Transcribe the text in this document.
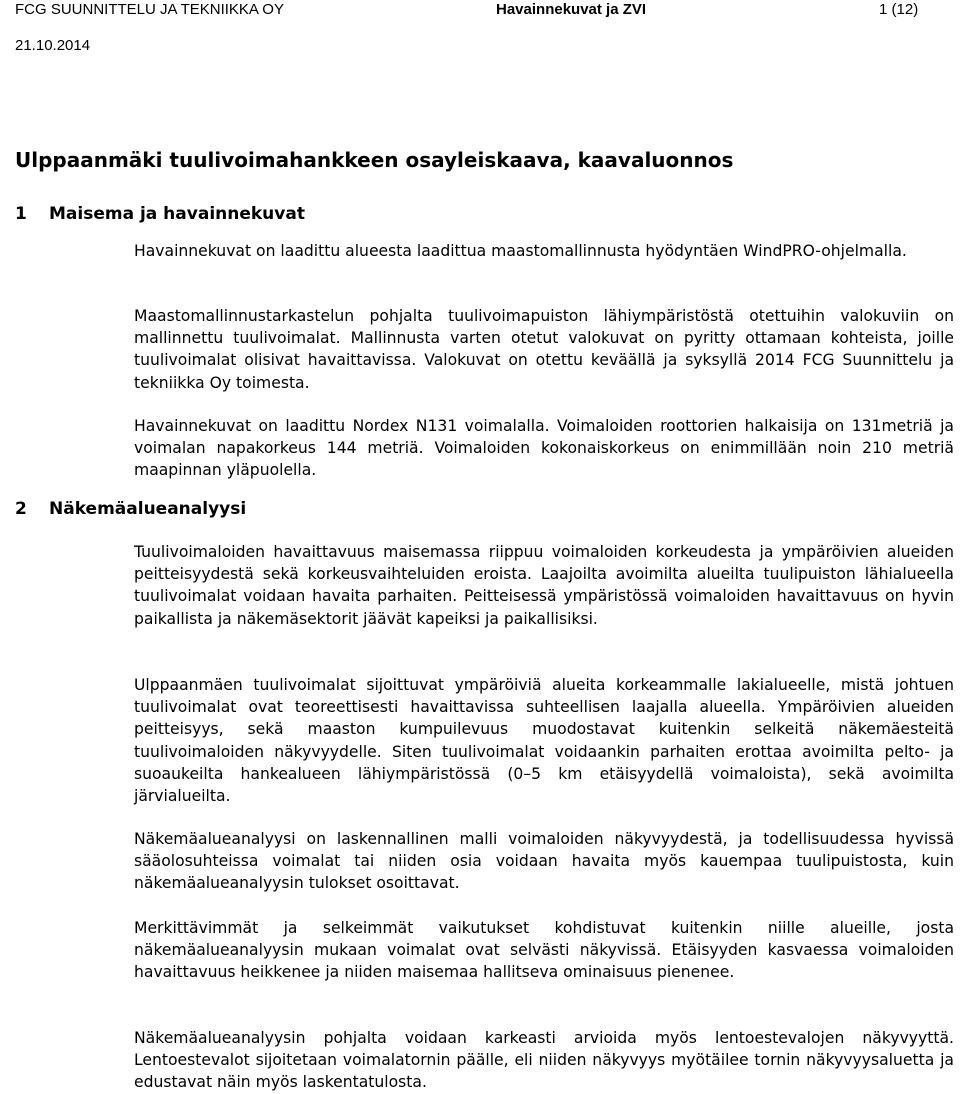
FCG SUUNNITTELU JA TEKNIIKKA OY	Havainnekuvat ja ZVI	1 (12)
21.10.2014
Ulppaanmäki tuulivoimahankkeen osayleiskaava, kaavaluonnos
1 Maisema ja havainnekuvat

Havainnekuvat on laadittu alueesta laadittua maastomallinnusta hyödyntäen WindPRO-ohjelmalla.

Maastomallinnustarkastelun pohjalta tuulivoimapuiston lähiympäristöstä otettuihin valokuviin on mallinnettu tuulivoimalat. Mallinnusta varten otetut valokuvat on pyritty ottamaan kohteista, joille tuulivoimalat olisivat havaittavissa. Valokuvat on otettu keväällä ja syksyllä 2014 FCG Suunnittelu ja tekniikka Oy toimesta.

Havainnekuvat on laadittu Nordex N131 voimalalla. Voimaloiden roottorien halkaisija on 131metriä ja voimalan napakorkeus 144 metriä. Voimaloiden kokonaiskorkeus on enimmillään noin 210 metriä maapinnan yläpuolella.

2 Näkemäalueanalyysi

Tuulivoimaloiden havaittavuus maisemassa riippuu voimaloiden korkeudesta ja ympäröivien alueiden peitteisyydestä sekä korkeusvaihteluiden eroista. Laajoilta avoimilta alueilta tuulipuiston lähialueella tuulivoimalat voidaan havaita parhaiten. Peitteisessä ympäristössä voimaloiden havaittavuus on hyvin paikallista ja näkemäsektorit jäävät kapeiksi ja paikallisiksi.

Ulppaanmäen tuulivoimalat sijoittuvat ympäröiviä alueita korkeammalle lakialueelle, mistä johtuen tuulivoimalat ovat teoreettisesti havaittavissa suhteellisen laajalla alueella. Ympäröivien alueiden peitteisyys, sekä maaston kumpuilevuus muodostavat kuitenkin selkeitä näkemäesteitä tuulivoimaloiden näkyvyydelle. Siten tuulivoimalat voidaankin parhaiten erottaa avoimilta pelto- ja suoaukeilta hankealueen lähiympäristössä (0–5 km etäisyydellä voimaloista), sekä avoimilta järvialueilta.

Näkemäalueanalyysi on laskennallinen malli voimaloiden näkyvyydestä, ja todellisuudessa hyvissä sääolosuhteissa voimalat tai niiden osia voidaan havaita myös kauempaa tuulipuistosta, kuin näkemäalueanalyysin tulokset osoittavat.

Merkittävimmät ja selkeimmät vaikutukset kohdistuvat kuitenkin niille alueille, josta näkemäalueanalyysin mukaan voimalat ovat selvästi näkyvissä. Etäisyyden kasvaessa voimaloiden havaittavuus heikkenee ja niiden maisemaa hallitseva ominaisuus pienenee.

Näkemäalueanalyysin pohjalta voidaan karkeasti arvioida myös lentoestevalojen näkyvyyttä. Lentoestevalot sijoitetaan voimalatornin päälle, eli niiden näkyvyys myötäilee tornin näkyvyysaluetta ja edustavat näin myös laskentatulosta.
